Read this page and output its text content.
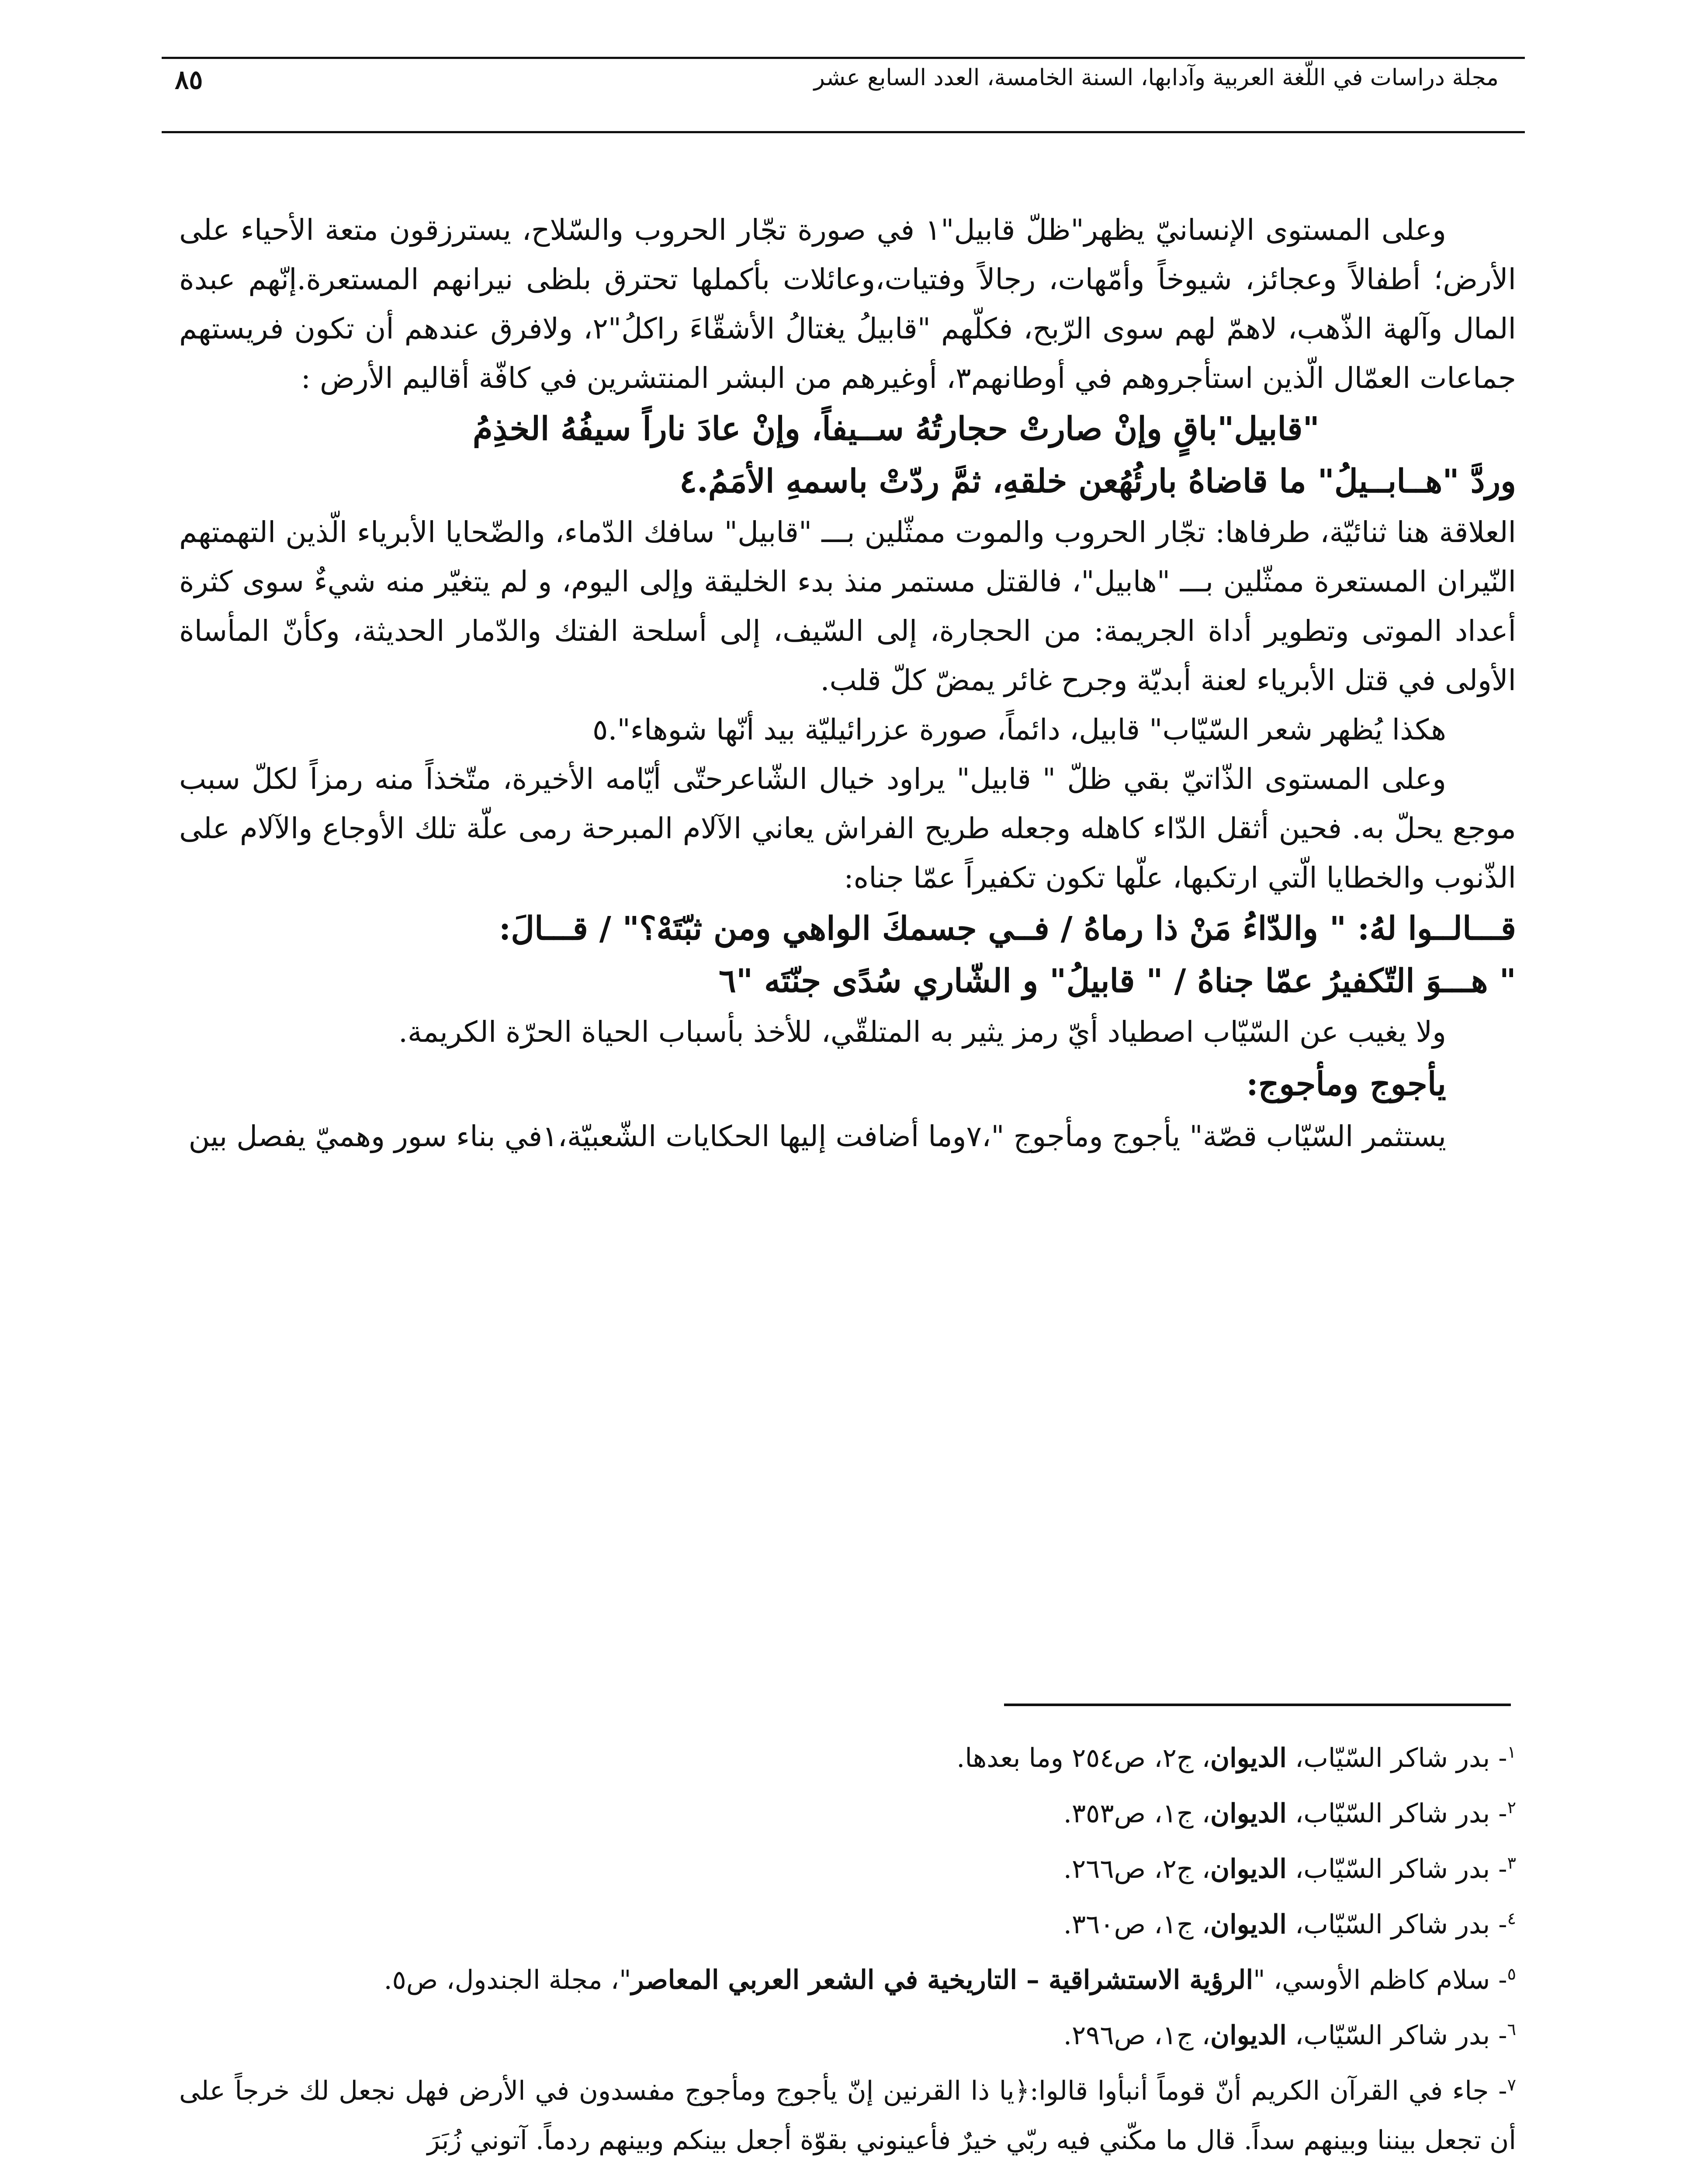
مجلة دراسات في اللّغة العربية وآدابها، السنة الخامسة، العدد السابع عشر
٨٥

وعلى المستوى الإنسانيّ يظهر"ظلّ قابيل"١ في صورة تجّار الحروب والسّلاح، يسترزقون متعة الأحياء على الأرض؛ أطفالاً وعجائز، شيوخاً وأمّهات، رجالاً وفتيات،وعائلات بأكملها تحترق بلظى نيرانهم المستعرة.إنّهم عبدة المال وآلهة الذّهب، لاهمّ لهم سوى الرّبح، فكلّهم "قابيلُ يغتالُ الأشقّاءَ راكلُ"٢، ولافرق عندهم أن تكون فريستهم جماعات العمّال الّذين استأجروهم في أوطانهم٣، أوغيرهم من البشر المنتشرين في كافّة أقاليم الأرض :

"قابيل"باقٍ وإنْ صارتْ حجارتُهُ ســيفاً، وإنْ عادَ ناراً سيفُهُ الخذِمُ

وردَّ "هــابــيلُ" ما قاضاهُ بارئُهُعن خلقهِ، ثمَّ ردّتْ باسمهِ الأمَمُ.٤

العلاقة هنا ثنائيّة، طرفاها: تجّار الحروب والموت ممثّلين بـــ "قابيل" سافك الدّماء، والضّحايا الأبرياء الّذين التهمتهم النّيران المستعرة ممثّلين بـــ "هابيل"، فالقتل مستمر منذ بدء الخليقة وإلى اليوم، و لم يتغيّر منه شيءٌ سوى كثرة أعداد الموتى وتطوير أداة الجريمة: من الحجارة، إلى السّيف، إلى أسلحة الفتك والدّمار الحديثة، وكأنّ المأساة الأولى في قتل الأبرياء لعنة أبديّة وجرح غائر يمضّ كلّ قلب.

هكذا يُظهر شعر السّيّاب" قابيل، دائماً، صورة عزرائيليّة بيد أنّها شوهاء".٥

وعلى المستوى الذّاتيّ بقي ظلّ " قابيل" يراود خيال الشّاعرحتّى أيّامه الأخيرة، متّخذاً منه رمزاً لكلّ سبب موجع يحلّ به. فحين أثقل الدّاء كاهله وجعله طريح الفراش يعاني الآلام المبرحة رمى علّة تلك الأوجاع والآلام على الذّنوب والخطايا الّتي ارتكبها، علّها تكون تكفيراً عمّا جناه:

قـــالــوا لهُ: " والدّاءُ مَنْ ذا رماهُ / فــي جسمكَ الواهي ومن ثبّتَهْ؟" / قـــالَ:

" هـــوَ التّكفيرُ عمّا جناهُ / " قابيلُ" و الشّاري سُدًى جنّتَه "٦

ولا يغيب عن السّيّاب اصطياد أيّ رمز يثير به المتلقّي، للأخذ بأسباب الحياة الحرّة الكريمة.

يأجوج ومأجوج:

يستثمر السّيّاب قصّة" يأجوج ومأجوج "،٧وما أضافت إليها الحكايات الشّعبيّة،١في بناء سور وهميّ يفصل بين

$^١$- بدر شاكر السّيّاب، الديوان، ج٢، ص٢٥٤ وما بعدها.

$^٢$- بدر شاكر السّيّاب، الديوان، ج١، ص٣٥٣.

$^٣$- بدر شاكر السّيّاب، الديوان، ج٢، ص٢٦٦.

$^٤$- بدر شاكر السّيّاب، الديوان، ج١، ص٣٦٠.

$^٥$- سلام كاظم الأوسي، "الرؤية الاستشراقية – التاريخية في الشعر العربي المعاصر"، مجلة الجندول، ص٥.

$^٦$- بدر شاكر السّيّاب، الديوان، ج١، ص٢٩٦.

$^٧$- جاء في القرآن الكريم أنّ قوماً أنبأوا قالوا:﴿يا ذا القرنين إنّ يأجوج ومأجوج مفسدون في الأرض فهل نجعل لك خرجاً على أن تجعل بيننا وبينهم سداً. قال ما مكّني فيه ربّي خيرٌ فأعينوني بقوّة أجعل بينكم وبينهم ردماً. آتوني زُبَرَ
